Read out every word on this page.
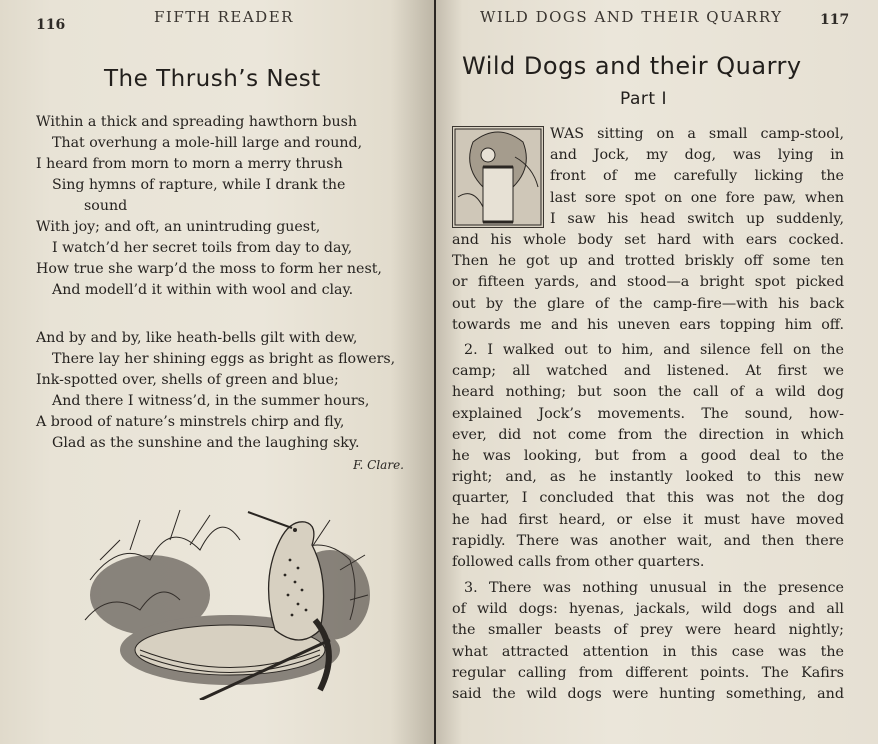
116	FIFTH READER
The Thrush’s Nest
Within a thick and spreading hawthorn bush
That overhung a mole-hill large and round,
I heard from morn to morn a merry thrush
Sing hymns of rapture, while I drank the
sound
With joy; and oft, an unintruding guest,
I watch’d her secret toils from day to day,
How true she warp’d the moss to form her nest,
And modell’d it within with wool and clay.
And by and by, like heath-bells gilt with dew,
There lay her shining eggs as bright as flowers,
Ink-spotted over, shells of green and blue;
And there I witness’d, in the summer hours,
A brood of nature’s minstrels chirp and fly,
Glad as the sunshine and the laughing sky.
F. Clare.
WILD DOGS AND THEIR QUARRY	117
Wild Dogs and their Quarry
Part I
WAS sitting on a small camp-stool,
and Jock, my dog, was lying in
front of me carefully licking the
last sore spot on one fore paw, when
I saw his head switch up suddenly,
and his whole body set hard with ears cocked.
Then he got up and trotted briskly off some ten
or fifteen yards, and stood—a bright spot picked
out by the glare of the camp-fire—with his back
towards me and his uneven ears topping him off.
2. I walked out to him, and silence fell on the
camp; all watched and listened. At first we
heard nothing; but soon the call of a wild dog
explained Jock’s movements. The sound, how-
ever, did not come from the direction in which
he was looking, but from a good deal to the
right; and, as he instantly looked to this new
quarter, I concluded that this was not the dog
he had first heard, or else it must have moved
rapidly. There was another wait, and then there
followed calls from other quarters.
3. There was nothing unusual in the presence
of wild dogs: hyenas, jackals, wild dogs and all
the smaller beasts of prey were heard nightly;
what attracted attention in this case was the
regular calling from different points. The Kafirs
said the wild dogs were hunting something, and
